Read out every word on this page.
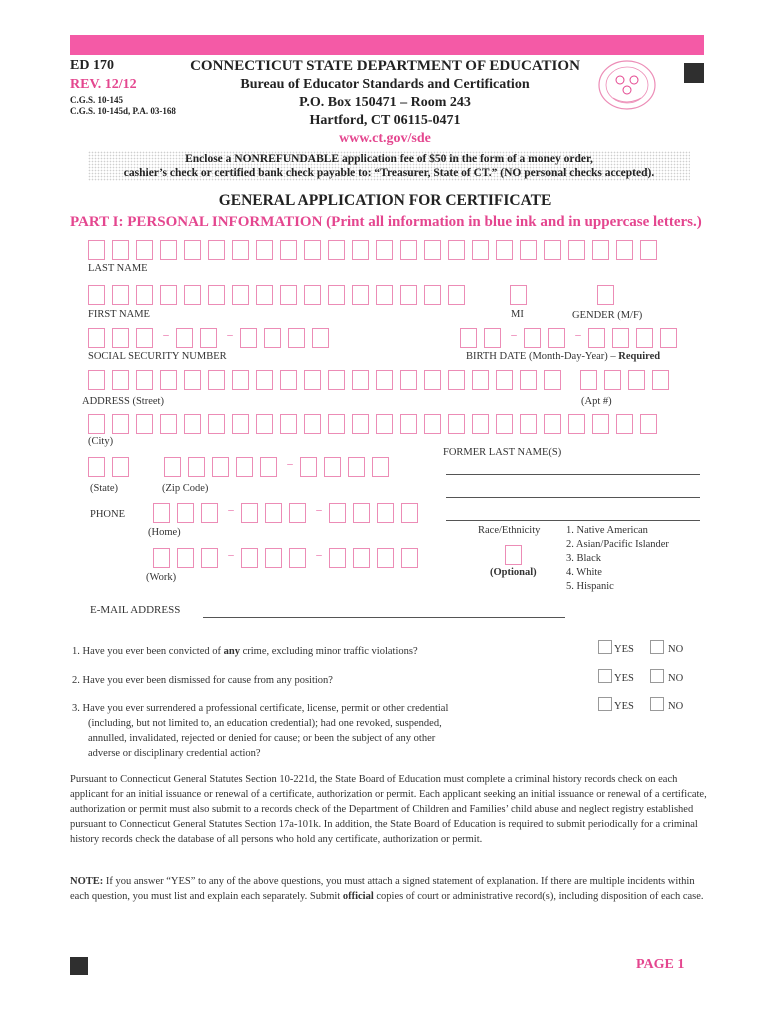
ED 170
REV. 12/12
C.G.S. 10-145
C.G.S. 10-145d, P.A. 03-168
CONNECTICUT STATE DEPARTMENT OF EDUCATION
Bureau of Educator Standards and Certification
P.O. Box 150471 – Room 243
Hartford, CT 06115-0471
www.ct.gov/sde
Enclose a NONREFUNDABLE application fee of $50 in the form of a money order,
cashier’s check or certified bank check payable to: “Treasurer, State of CT.” (NO personal checks accepted).
GENERAL APPLICATION FOR CERTIFICATE
PART I: PERSONAL INFORMATION (Print all information in blue ink and in uppercase letters.)
LAST NAME
FIRST NAME	MI	GENDER (M/F)
–	–
SOCIAL SECURITY NUMBER
–	–
BIRTH DATE (Month-Day-Year) – Required
ADDRESS (Street)	(Apt #)
(City)
FORMER LAST NAME(S)
–
(State)	(Zip Code)
PHONE	–	–
(Home)
–	–
(Work)
Race/Ethnicity
(Optional)
1. Native American
2. Asian/Pacific Islander
3. Black
4. White
5. Hispanic
E-MAIL ADDRESS
1. Have you ever been convicted of any crime, excluding minor traffic violations?	YES	NO
2. Have you ever been dismissed for cause from any position?	YES	NO
3. Have you ever surrendered a professional certificate, license, permit or other credential
(including, but not limited to, an education credential); had one revoked, suspended,
annulled, invalidated, rejected or denied for cause; or been the subject of any other
adverse or disciplinary credential action?
YES	NO
Pursuant to Connecticut General Statutes Section 10-221d, the State Board of Education must complete a criminal history records check on each applicant for an initial issuance or renewal of a certificate, authorization or permit. Each applicant seeking an initial issuance or renewal of a certificate, authorization or permit must also submit to a records check of the Department of Children and Families’ child abuse and neglect registry established pursuant to Connecticut General Statutes Section 17a-101k. In addition, the State Board of Education is required to submit periodically for a criminal history records check the database of all persons who hold any certificate, authorization or permit.
NOTE: If you answer “YES” to any of the above questions, you must attach a signed statement of explanation. If there are multiple incidents within each question, you must list and explain each separately. Submit official copies of court or administrative record(s), including disposition of each case.
PAGE 1
